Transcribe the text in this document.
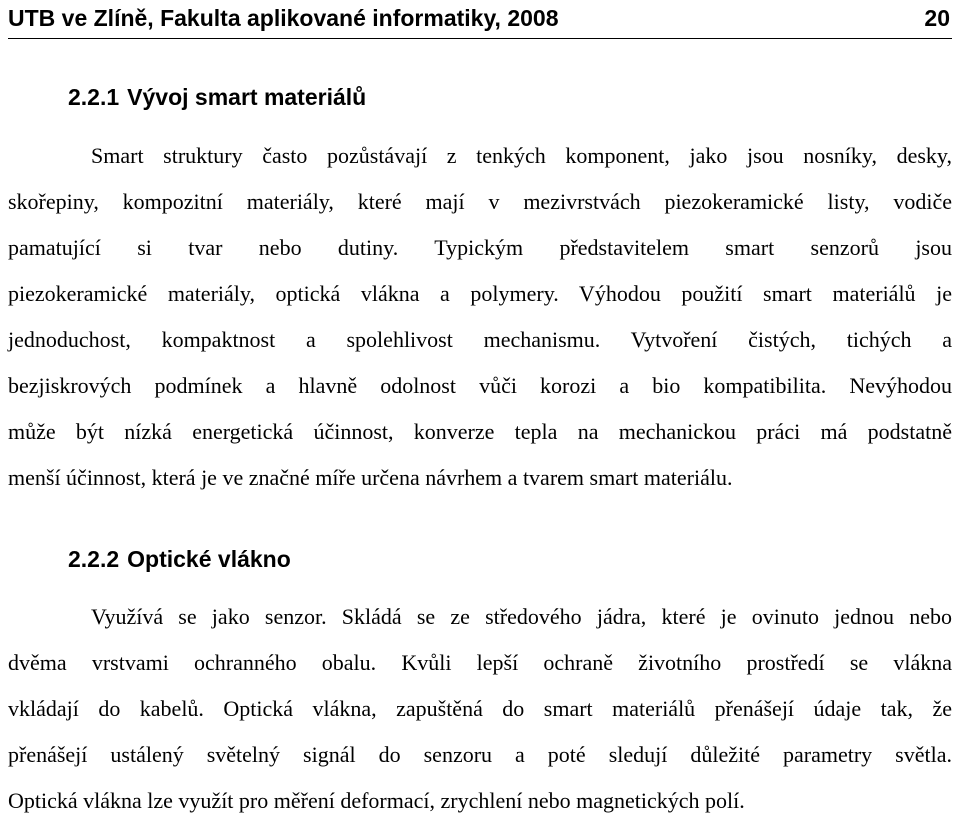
UTB ve Zlíně, Fakulta aplikované informatiky, 2008	20
2.2.1 Vývoj smart materiálů
Smart struktury často pozůstávají z tenkých komponent, jako jsou nosníky, desky,
skořepiny, kompozitní materiály, které mají v mezivrstvách piezokeramické listy, vodiče
pamatující si tvar nebo dutiny. Typickým představitelem smart senzorů jsou
piezokeramické materiály, optická vlákna a polymery. Výhodou použití smart materiálů je
jednoduchost, kompaktnost a spolehlivost mechanismu. Vytvoření čistých, tichých a
bezjiskrových podmínek a hlavně odolnost vůči korozi a bio kompatibilita. Nevýhodou
může být nízká energetická účinnost, konverze tepla na mechanickou práci má podstatně
menší účinnost, která je ve značné míře určena návrhem a tvarem smart materiálu.
2.2.2 Optické vlákno
Využívá se jako senzor. Skládá se ze středového jádra, které je ovinuto jednou nebo
dvěma vrstvami ochranného obalu. Kvůli lepší ochraně životního prostředí se vlákna
vkládají do kabelů. Optická vlákna, zapuštěná do smart materiálů přenášejí údaje tak, že
přenášejí ustálený světelný signál do senzoru a poté sledují důležité parametry světla.
Optická vlákna lze využít pro měření deformací, zrychlení nebo magnetických polí.
